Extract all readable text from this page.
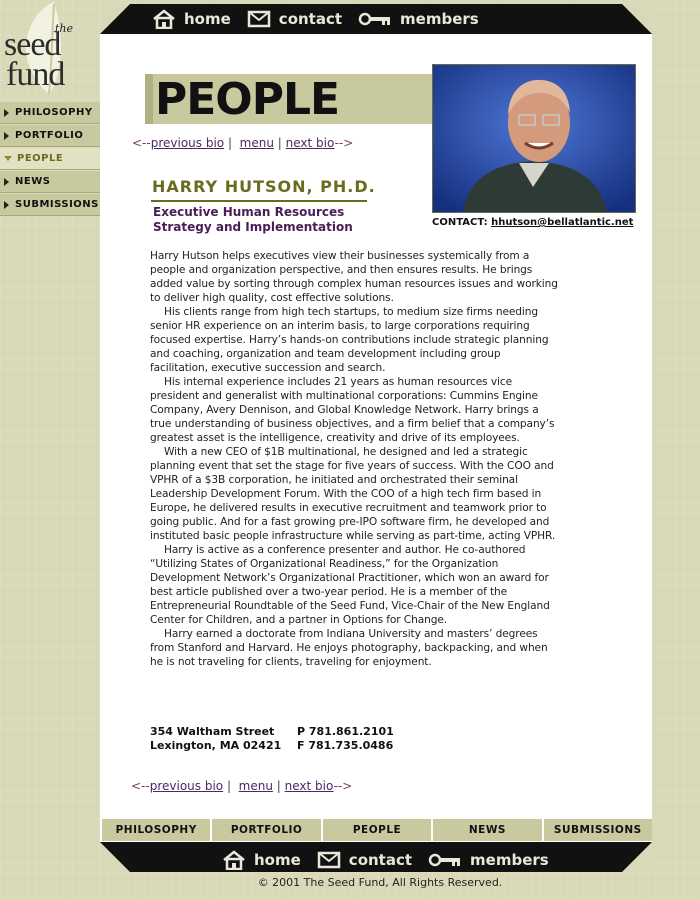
the
seed
fund
PHILOSOPHY
PORTFOLIO
PEOPLE
NEWS
SUBMISSIONS
home	contact	members
PEOPLE
<--previous bio | menu | next bio-->
HARRY HUTSON, PH.D.
Executive Human Resources
Strategy and Implementation	CONTACT: hhutson@bellatlantic.net

Harry Hutson helps executives view their businesses systemically from a people and organization perspective, and then ensures results. He brings added value by sorting through complex human resources issues and working to deliver high quality, cost effective solutions.

His clients range from high tech startups, to medium size firms needing senior HR experience on an interim basis, to large corporations requiring focused expertise. Harry’s hands-on contributions include strategic planning and coaching, organization and team development including group facilitation, executive succession and search.

His internal experience includes 21 years as human resources vice president and generalist with multinational corporations: Cummins Engine Company, Avery Dennison, and Global Knowledge Network. Harry brings a true understanding of business objectives, and a firm belief that a company’s greatest asset is the intelligence, creativity and drive of its employees.

With a new CEO of $1B multinational, he designed and led a strategic planning event that set the stage for five years of success. With the COO and VPHR of a $3B corporation, he initiated and orchestrated their seminal Leadership Development Forum. With the COO of a high tech firm based in Europe, he delivered results in executive recruitment and teamwork prior to going public. And for a fast growing pre-IPO software firm, he developed and instituted basic people infrastructure while serving as part-time, acting VPHR.

Harry is active as a conference presenter and author. He co-authored “Utilizing States of Organizational Readiness,” for the Organization Development Network’s Organizational Practitioner, which won an award for best article published over a two-year period. He is a member of the Entrepreneurial Roundtable of the Seed Fund, Vice-Chair of the New England Center for Children, and a partner in Options for Change.

Harry earned a doctorate from Indiana University and masters’ degrees from Stanford and Harvard. He enjoys photography, backpacking, and when he is not traveling for clients, traveling for enjoyment.

354 Waltham Street	P 781.861.2101
Lexington, MA 02421	F 781.735.0486
<--previous bio | menu | next bio-->
PHILOSOPHY	PORTFOLIO	PEOPLE	NEWS	SUBMISSIONS
home	contact	members
© 2001 The Seed Fund, All Rights Reserved.
